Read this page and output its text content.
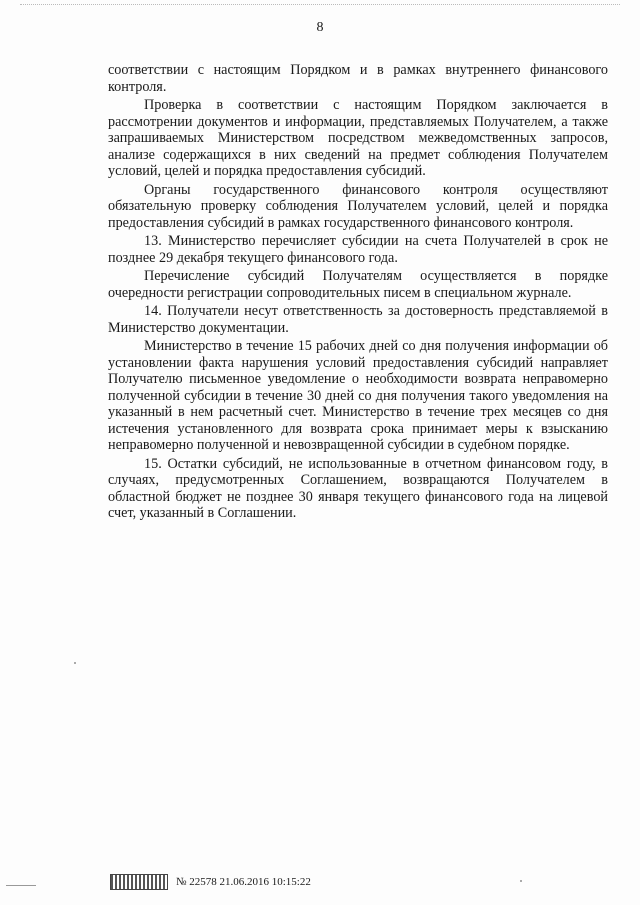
8

соответствии с настоящим Порядком и в рамках внутреннего финансового контроля.

Проверка в соответствии с настоящим Порядком заключается в рассмотрении документов и информации, представляемых Получателем, а также запрашиваемых Министерством посредством межведомственных запросов, анализе содержащихся в них сведений на предмет соблюдения Получателем условий, целей и порядка предоставления субсидий.

Органы государственного финансового контроля осуществляют обязательную проверку соблюдения Получателем условий, целей и порядка предоставления субсидий в рамках государственного финансового контроля.

13. Министерство перечисляет субсидии на счета Получателей в срок не позднее 29 декабря текущего финансового года.

Перечисление субсидий Получателям осуществляется в порядке очередности регистрации сопроводительных писем в специальном журнале.

14. Получатели несут ответственность за достоверность представляемой в Министерство документации.

Министерство в течение 15 рабочих дней со дня получения информации об установлении факта нарушения условий предоставления субсидий направляет Получателю письменное уведомление о необходимости возврата неправомерно полученной субсидии в течение 30 дней со дня получения такого уведомления на указанный в нем расчетный счет. Министерство в течение трех месяцев со дня истечения установленного для возврата срока принимает меры к взысканию неправомерно полученной и невозвращенной субсидии в судебном порядке.

15. Остатки субсидий, не использованные в отчетном финансовом году, в случаях, предусмотренных Соглашением, возвращаются Получателем в областной бюджет не позднее 30 января текущего финансового года на лицевой счет, указанный в Соглашении.

№ 22578 21.06.2016 10:15:22
